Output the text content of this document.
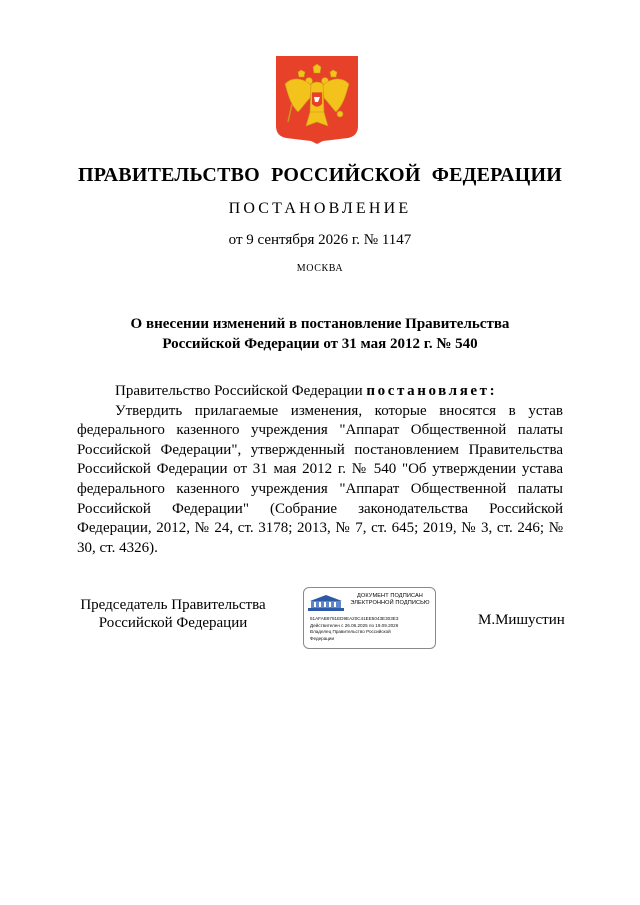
ПРАВИТЕЛЬСТВО РОССИЙСКОЙ ФЕДЕРАЦИИ
ПОСТАНОВЛЕНИЕ
от 9 сентября 2026 г. № 1147
МОСКВА
О внесении изменений в постановление Правительства
Российской Федерации от 31 мая 2012 г. № 540
Правительство Российской Федерации постановляет:

Утвердить прилагаемые изменения, которые вносятся в устав федерального казенного учреждения "Аппарат Общественной палаты Российской Федерации", утвержденный постановлением Правительства Российской Федерации от 31 мая 2012 г. № 540 "Об утверждении устава федерального казенного учреждения "Аппарат Общественной палаты Российской Федерации" (Собрание законодательства Российской Федерации, 2012, № 24, ст. 3178; 2013, № 7, ст. 645; 2019, № 3, ст. 246; № 30, ст. 4326).

Председатель Правительства
Российской Федерации
ДОКУМЕНТ ПОДПИСАН
ЭЛЕКТРОННОЙ ПОДПИСЬЮ
51AFAB8781ED9EA20C41EE5043E303E3
Действителен с 26.06.2025 по 19.09.2026
Владелец Правительство Российской
Федерации
М.Мишустин
